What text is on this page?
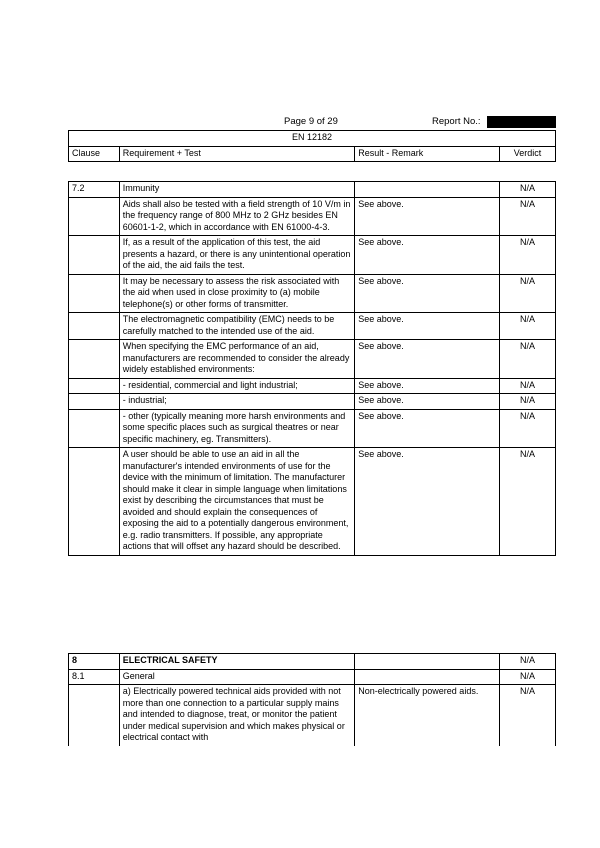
Page 9 of 29	Report No.:
EN 12182
Clause	Requirement + Test	Result - Remark	Verdict
7.2	Immunity		N/A
	Aids shall also be tested with a field strength of 10 V/m in the frequency range of 800 MHz to 2 GHz besides EN 60601-1-2, which in accordance with EN 61000-4-3.	See above.	N/A
	If, as a result of the application of this test, the aid presents a hazard, or there is any unintentional operation of the aid, the aid fails the test.	See above.	N/A
	It may be necessary to assess the risk associated with the aid when used in close proximity to (a) mobile telephone(s) or other forms of transmitter.	See above.	N/A
	The electromagnetic compatibility (EMC) needs to be carefully matched to the intended use of the aid.	See above.	N/A
	When specifying the EMC performance of an aid, manufacturers are recommended to consider the already widely established environments:	See above.	N/A
	- residential, commercial and light industrial;	See above.	N/A
	- industrial;	See above.	N/A
	- other (typically meaning more harsh environments and some specific places such as surgical theatres or near specific machinery, eg. Transmitters).	See above.	N/A
	A user should be able to use an aid in all the manufacturer's intended environments of use for the device with the minimum of limitation. The manufacturer should make it clear in simple language when limitations exist by describing the circumstances that must be avoided and should explain the consequences of exposing the aid to a potentially dangerous environment, e.g. radio transmitters. If possible, any appropriate actions that will offset any hazard should be described.	See above.	N/A
8	ELECTRICAL SAFETY		N/A
8.1	General		N/A
	a) Electrically powered technical aids provided with not more than one connection to a particular supply mains and intended to diagnose, treat, or monitor the patient under medical supervision and which makes physical or electrical contact with	Non-electrically powered aids.	N/A
